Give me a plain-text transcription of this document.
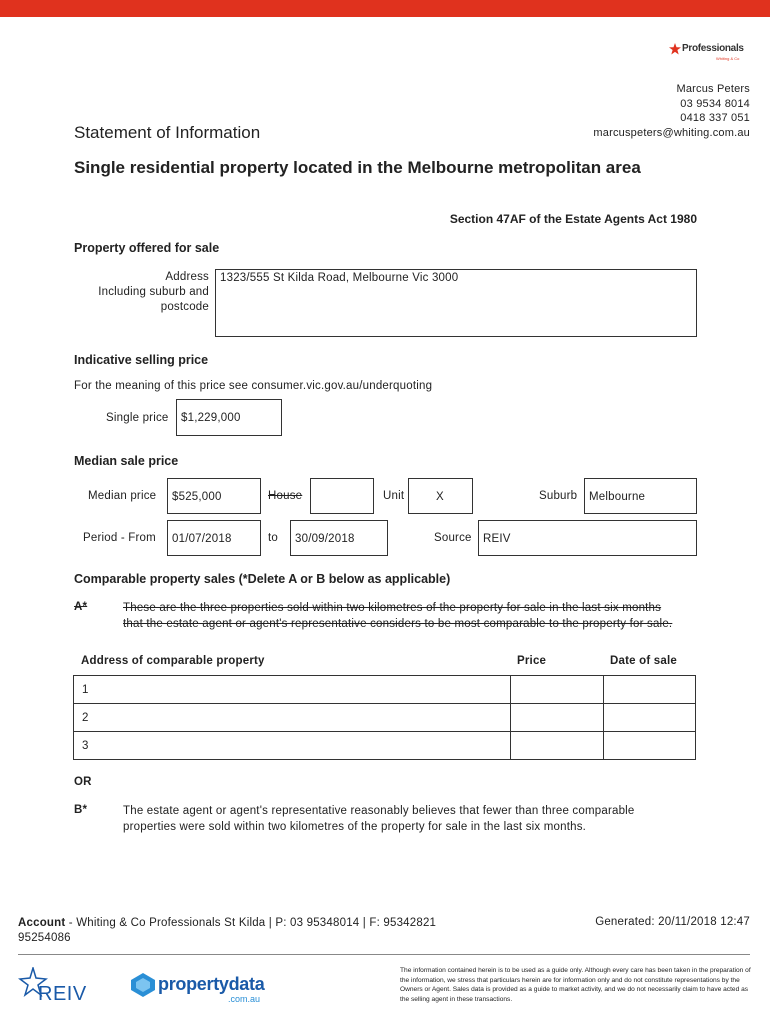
Professionals
Whiting & Co
Marcus Peters
03 9534 8014
0418 337 051
marcuspeters@whiting.com.au
Statement of Information
Single residential property located in the Melbourne metropolitan area
Section 47AF of the Estate Agents Act 1980
Property offered for sale
Address
Including suburb and
postcode
1323/555 St Kilda Road, Melbourne Vic 3000
Indicative selling price
For the meaning of this price see consumer.vic.gov.au/underquoting
Single price	$1,229,000
Median sale price
Median price	$525,000	House	Unit	X	Suburb	Melbourne
Period - From	01/07/2018	to	30/09/2018	Source REIV
Comparable property sales (*Delete A or B below as applicable)
A*	These are the three properties sold within two kilometres of the property for sale in the last six months that the estate agent or agent's representative considers to be most comparable to the property for sale.
Address of comparable property	Price	Date of sale
1
2
3
OR
B*	The estate agent or agent's representative reasonably believes that fewer than three comparable
properties were sold within two kilometres of the property for sale in the last six months.
Account - Whiting & Co Professionals St Kilda | P: 03 95348014 | F: 95342821
95254086
Generated: 20/11/2018 12:47
REIV	propertydata
.com.au
The information contained herein is to be used as a guide only. Although every care has been taken in the preparation of the information, we stress that particulars herein are for information only and do not constitute representations by the Owners or Agent. Sales data is provided as a guide to market activity, and we do not necessarily claim to have acted as the selling agent in these transactions.
